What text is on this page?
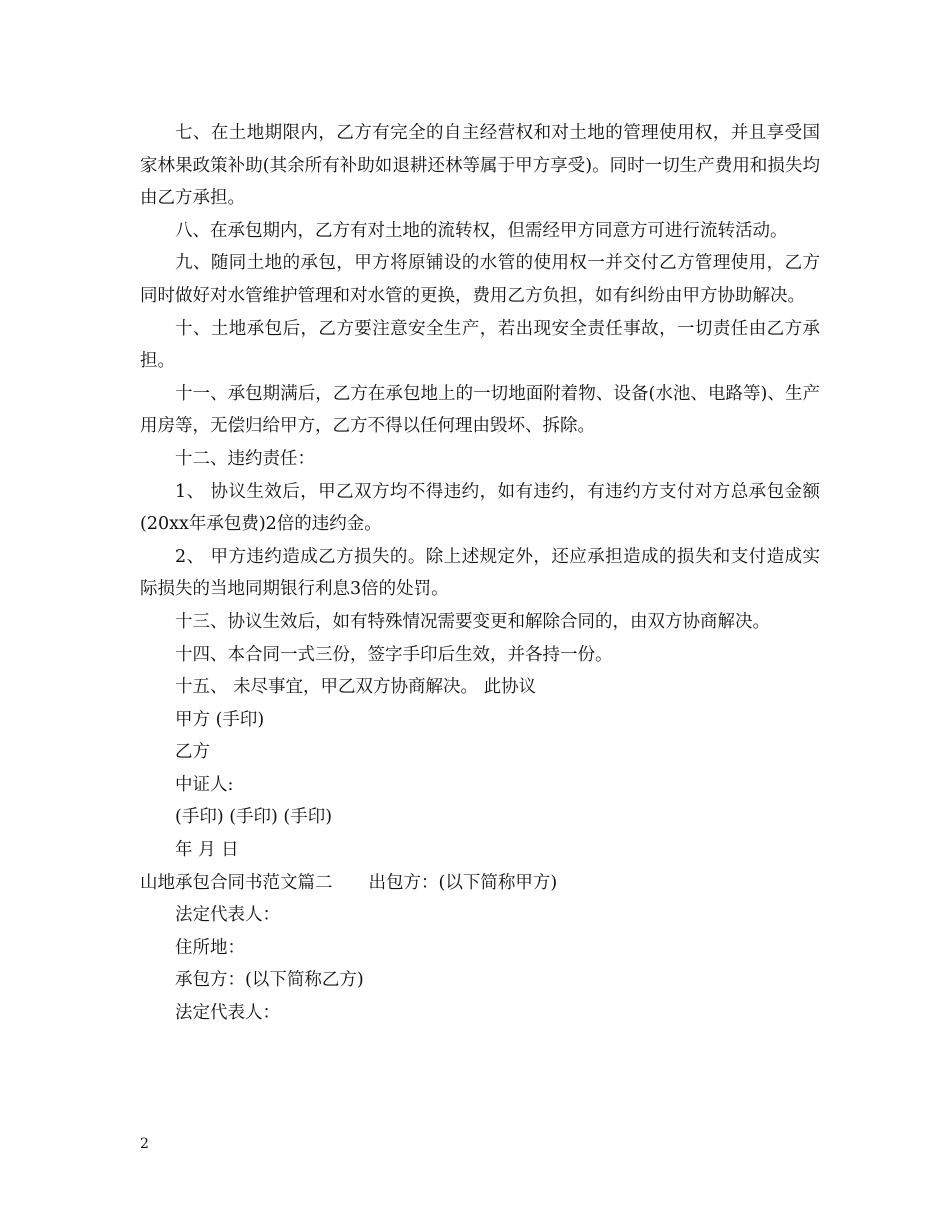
七、在土地期限内，乙方有完全的自主经营权和对土地的管理使用权，并且享受国家林果政策补助(其余所有补助如退耕还林等属于甲方享受)。同时一切生产费用和损失均由乙方承担。

八、在承包期内，乙方有对土地的流转权，但需经甲方同意方可进行流转活动。

九、随同土地的承包，甲方将原铺设的水管的使用权一并交付乙方管理使用，乙方同时做好对水管维护管理和对水管的更换，费用乙方负担，如有纠纷由甲方协助解决。

十、土地承包后，乙方要注意安全生产，若出现安全责任事故，一切责任由乙方承担。

十一、承包期满后，乙方在承包地上的一切地面附着物、设备(水池、电路等)、生产用房等，无偿归给甲方，乙方不得以任何理由毁坏、拆除。

十二、违约责任：

1、 协议生效后，甲乙双方均不得违约，如有违约，有违约方支付对方总承包金额(20xx年承包费)2倍的违约金。

2、 甲方违约造成乙方损失的。除上述规定外，还应承担造成的损失和支付造成实际损失的当地同期银行利息3倍的处罚。

十三、协议生效后，如有特殊情况需要变更和解除合同的，由双方协商解决。

十四、本合同一式三份，签字手印后生效，并各持一份。

十五、 未尽事宜，甲乙双方协商解决。 此协议

甲方 (手印)

乙方

中证人:

(手印) (手印) (手印)

年 月 日

山地承包合同书范文篇二 出包方：(以下简称甲方)

法定代表人：

住所地：

承包方：(以下简称乙方)

法定代表人：

2
